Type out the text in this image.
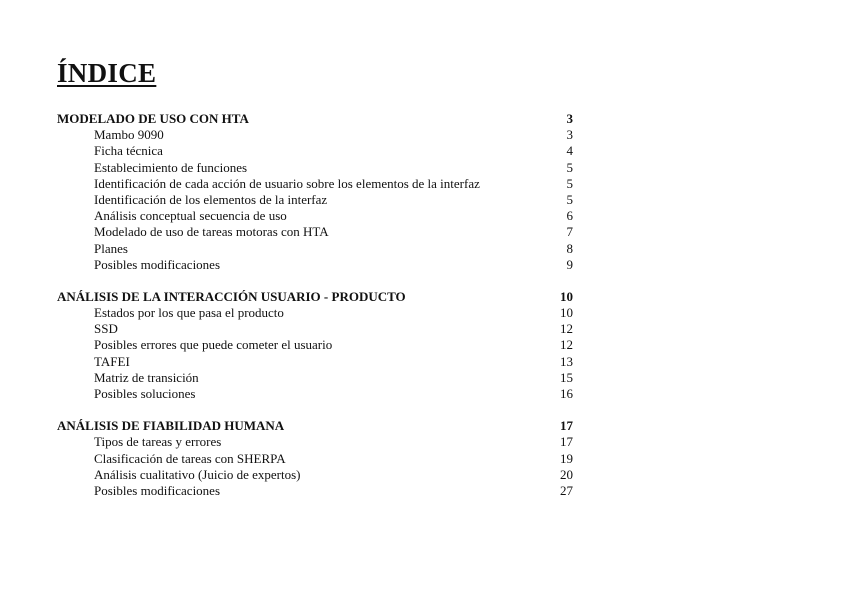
ÍNDICE
MODELADO DE USO CON HTA	3
Mambo 9090	3
Ficha técnica	4
Establecimiento de funciones	5
Identificación de cada acción de usuario sobre los elementos de la interfaz	5
Identificación de los elementos de la interfaz	5
Análisis conceptual secuencia de uso	6
Modelado de uso de tareas motoras con HTA	7
Planes	8
Posibles modificaciones	9
ANÁLISIS DE LA INTERACCIÓN USUARIO - PRODUCTO	10
Estados por los que pasa el producto	10
SSD	12
Posibles errores que puede cometer el usuario	12
TAFEI	13
Matriz de transición	15
Posibles soluciones	16
ANÁLISIS DE FIABILIDAD HUMANA	17
Tipos de tareas y errores	17
Clasificación de tareas con SHERPA	19
Análisis cualitativo (Juicio de expertos)	20
Posibles modificaciones	27
